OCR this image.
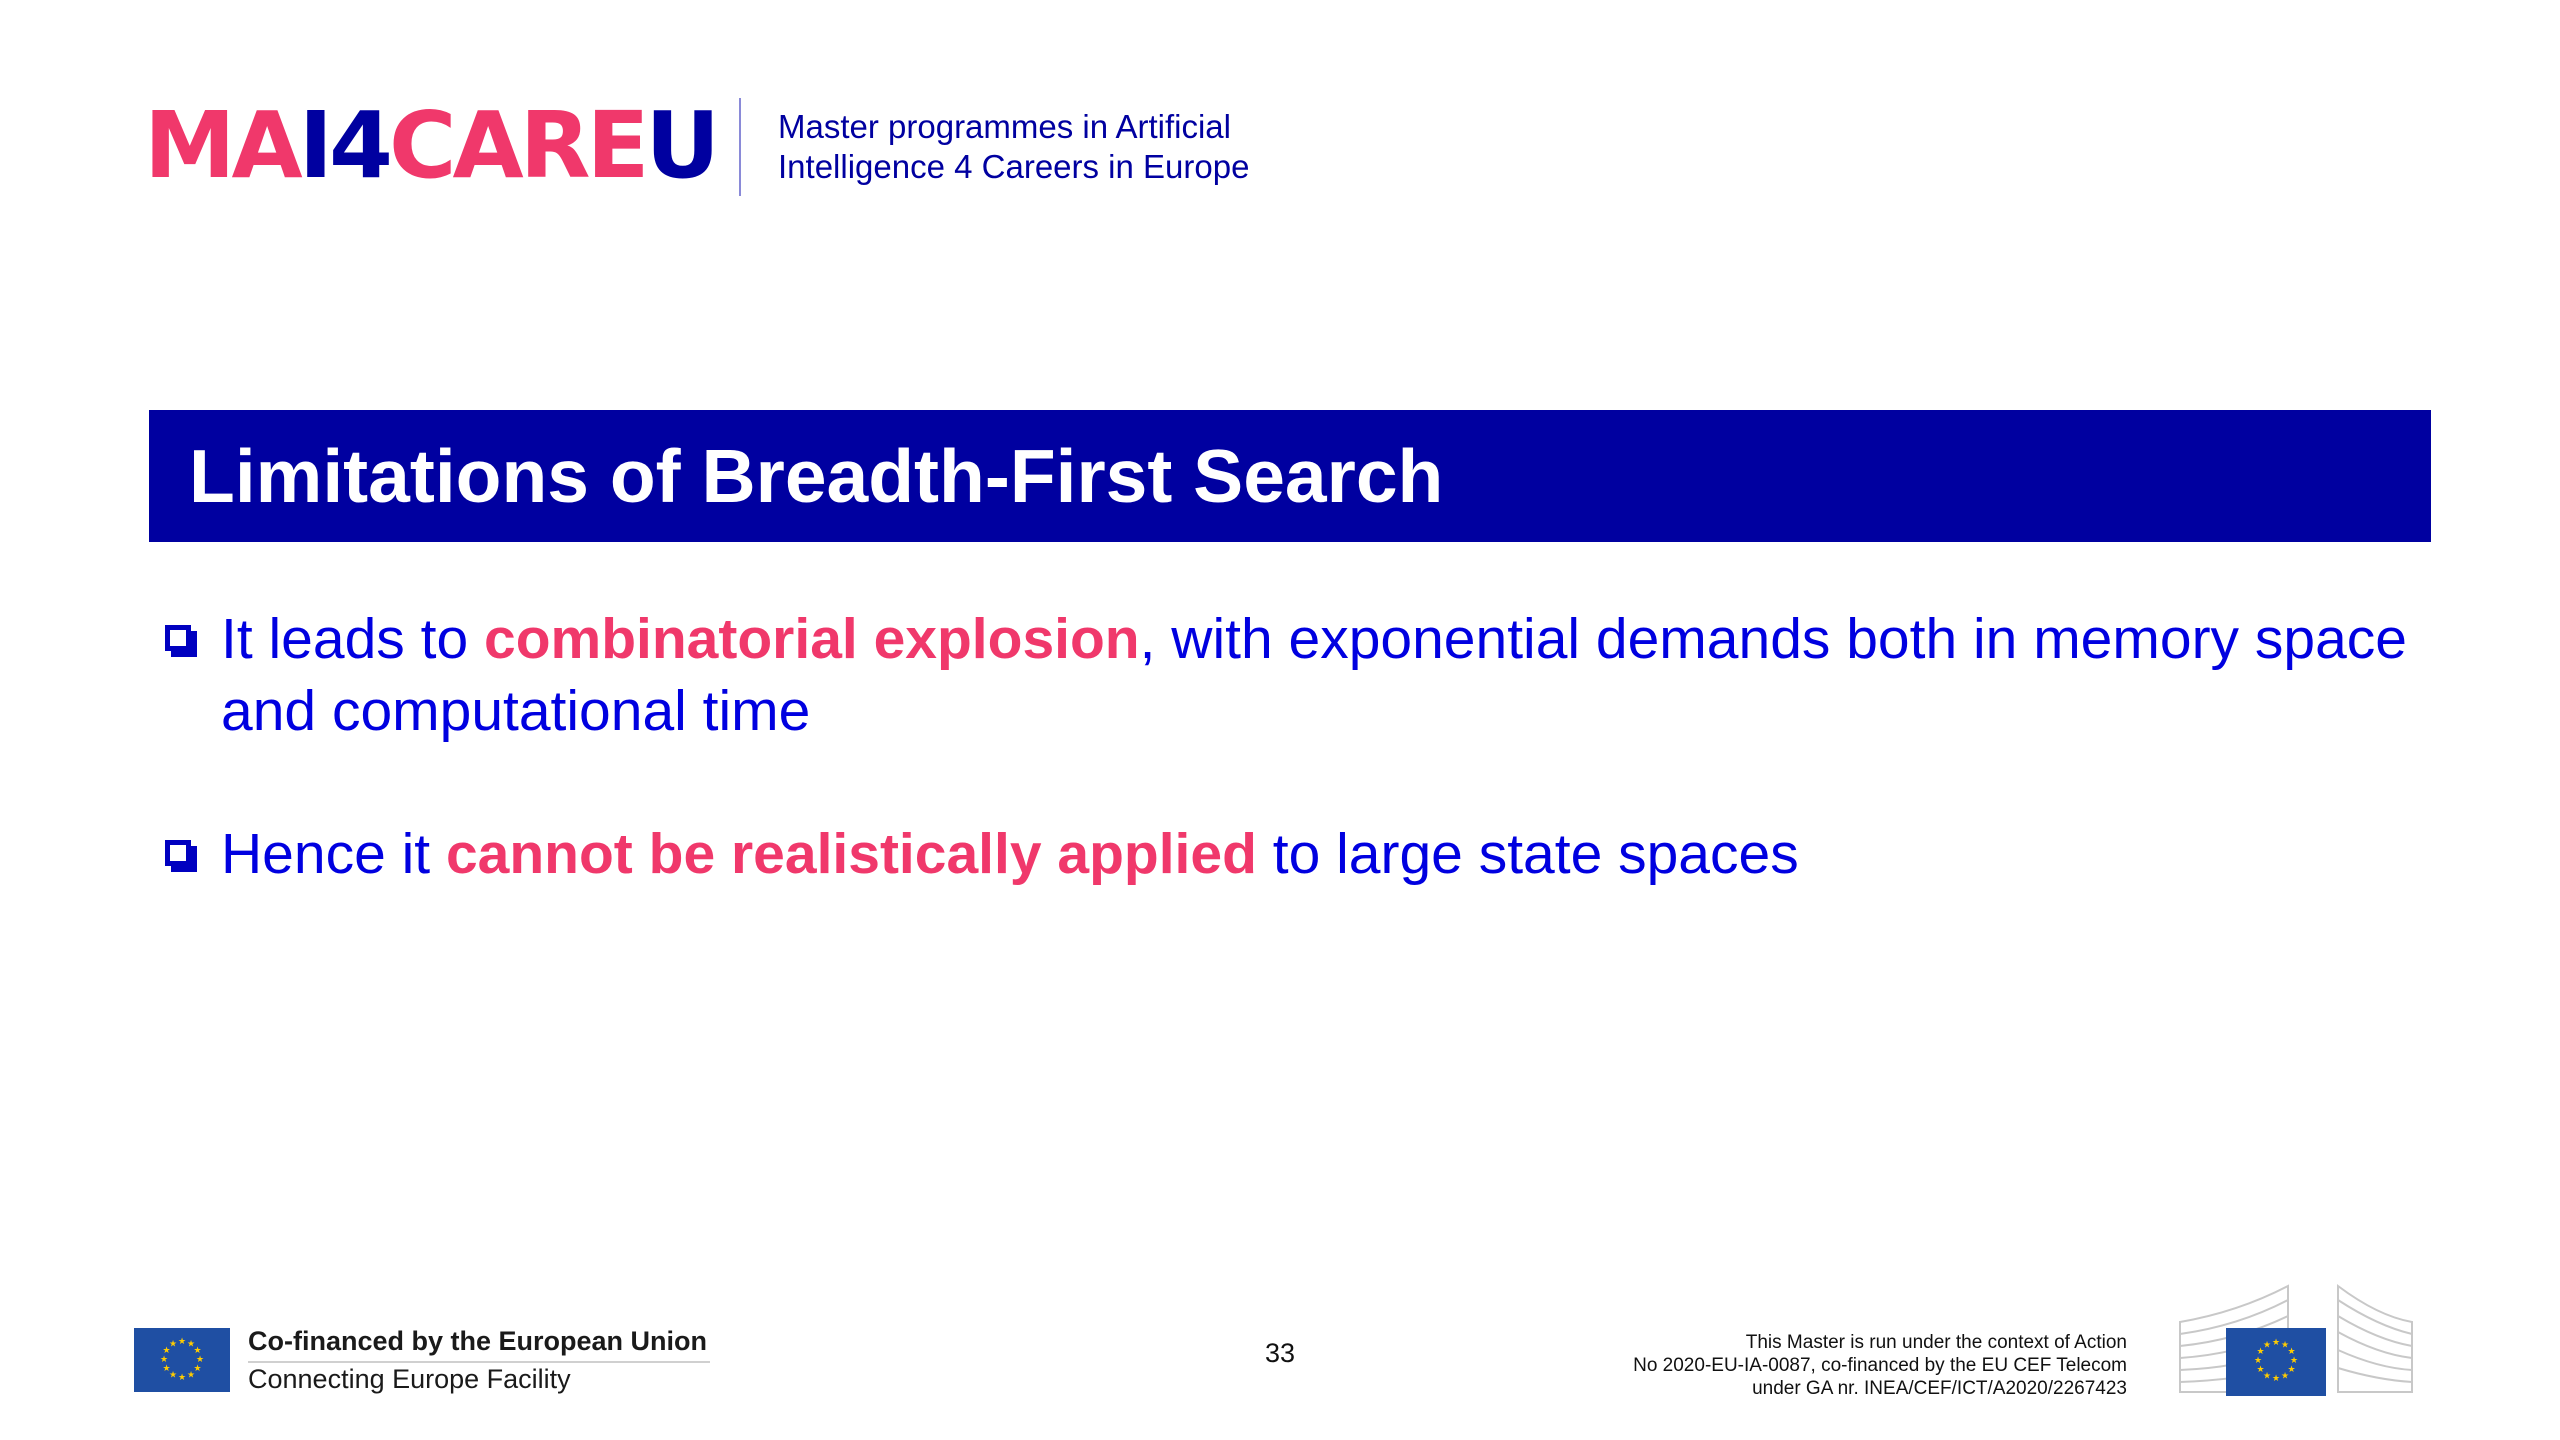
MA I4 CARE U Master programmes in Artificial
Intelligence 4 Careers in Europe
Limitations of Breadth-First Search
It leads to combinatorial explosion, with exponential demands both in memory space and computational time
Hence it cannot be realistically applied to large state spaces
★ ★
★
★
★
★
★
★
★
★
★
★	Co-financed by the European Union
Connecting Europe Facility
33	This Master is run under the context of Action
No 2020-EU-IA-0087, co-financed by the EU CEF Telecom
under GA nr. INEA/CEF/ICT/A2020/2267423
★ ★
★
★
★
★
★
★
★
★
★
★
